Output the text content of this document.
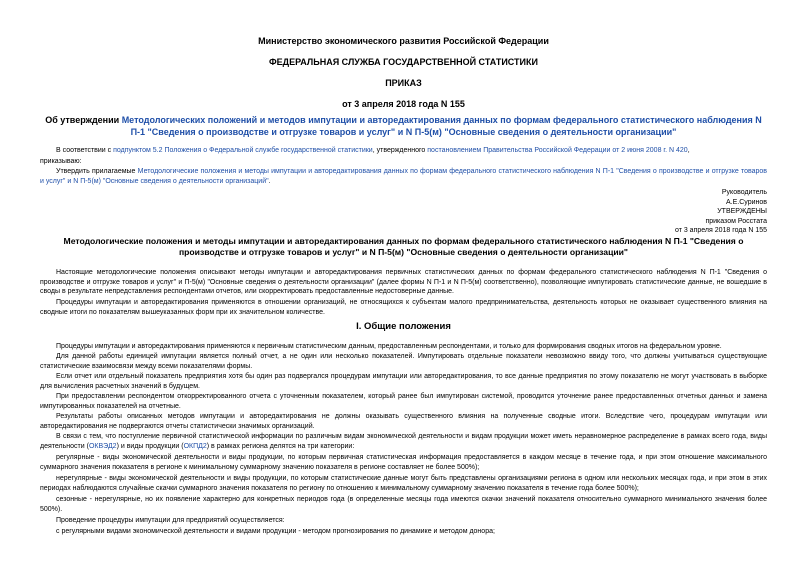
Министерство экономического развития Российской Федерации
ФЕДЕРАЛЬНАЯ СЛУЖБА ГОСУДАРСТВЕННОЙ СТАТИСТИКИ
ПРИКАЗ
от 3 апреля 2018 года N 155
Об утверждении Методологических положений и методов импутации и авторедактирования данных по формам федерального статистического наблюдения N П-1 "Сведения о производстве и отгрузке товаров и услуг" и N П-5(м) "Основные сведения о деятельности организации"
В соответствии с подпунктом 5.2 Положения о Федеральной службе государственной статистики, утвержденного постановлением Правительства Российской Федерации от 2 июня 2008 г. N 420,
приказываю:
Утвердить прилагаемые Методологические положения и методы импутации и авторедактирования данных по формам федерального статистического наблюдения N П-1 "Сведения о производстве и отгрузке товаров и услуг" и N П-5(м) "Основные сведения о деятельности организаций".
Руководитель
А.Е.Суринов
УТВЕРЖДЕНЫ
приказом Росстата
от 3 апреля 2018 года N 155
Методологические положения и методы импутации и авторедактирования данных по формам федерального статистического наблюдения N П-1 "Сведения о производстве и отгрузке товаров и услуг" и N П-5(м) "Основные сведения о деятельности организации"
Настоящие методологические положения описывают методы импутации и авторедактирования первичных статистических данных по формам федерального статистического наблюдения N П-1 "Сведения о производстве и отгрузке товаров и услуг" и П-5(м) "Основные сведения о деятельности организации" (далее формы N П-1 и N П-5(м) соответственно), позволяющие импутировать статистические данные, не вошедшие в своды в результате непредставления респондентами отчетов, или скорректировать предоставленные недостоверные данные.
Процедуры импутации и авторедактирования применяются в отношении организаций, не относящихся к субъектам малого предпринимательства, деятельность которых не оказывает существенного влияния на сводные итоги по показателям вышеуказанных форм при их значительном количестве.
I. Общие положения
Процедуры импутации и авторедактирования применяются к первичным статистическим данным, предоставленным респондентами, и только для формирования сводных итогов на федеральном уровне.
Для данной работы единицей импутации является полный отчет, а не один или несколько показателей. Импутировать отдельные показатели невозможно ввиду того, что должны учитываться существующие статистические взаимосвязи между всеми показателями формы.
Если отчет или отдельный показатель предприятия хотя бы один раз подвергался процедурам импутации или авторедактирования, то все данные предприятия по этому показателю не могут участвовать в выборке для вычисления расчетных значений в будущем.
При предоставлении респондентом откорректированного отчета с уточненным показателем, который ранее был импутирован системой, проводится уточнение ранее предоставленных отчетных данных и замена импутированных показателей на отчетные.
Результаты работы описанных методов импутации и авторедактирования не должны оказывать существенного влияния на полученные сводные итоги. Вследствие чего, процедурам импутации или авторедактирования не подвергаются отчеты статистически значимых организаций.
В связи с тем, что поступление первичной статистической информации по различным видам экономической деятельности и видам продукции может иметь неравномерное распределение в рамках всего года, виды деятельности (ОКВЭД2) и виды продукции (ОКПД2) в рамках региона делятся на три категории:
регулярные - виды экономической деятельности и виды продукции, по которым первичная статистическая информация предоставляется в каждом месяце в течение года, и при этом отношение максимального суммарного значения показателя в регионе к минимальному суммарному значению показателя в регионе составляет не более 500%);
нерегулярные - виды экономической деятельности и виды продукции, по которым статистические данные могут быть представлены организациями региона в одном или нескольких месяцах года, и при этом в этих периодах наблюдаются случайные скачки суммарного значения показателя по региону по отношению к минимальному суммарному значению показателя в течение года более 500%);
сезонные - нерегулярные, но их появление характерно для конкретных периодов года (в определенные месяцы года имеются скачки значений показателя относительно суммарного минимального значения более 500%).
Проведение процедуры импутации для предприятий осуществляется:
с регулярными видами экономической деятельности и видами продукции - методом прогнозирования по динамике и методом донора;
